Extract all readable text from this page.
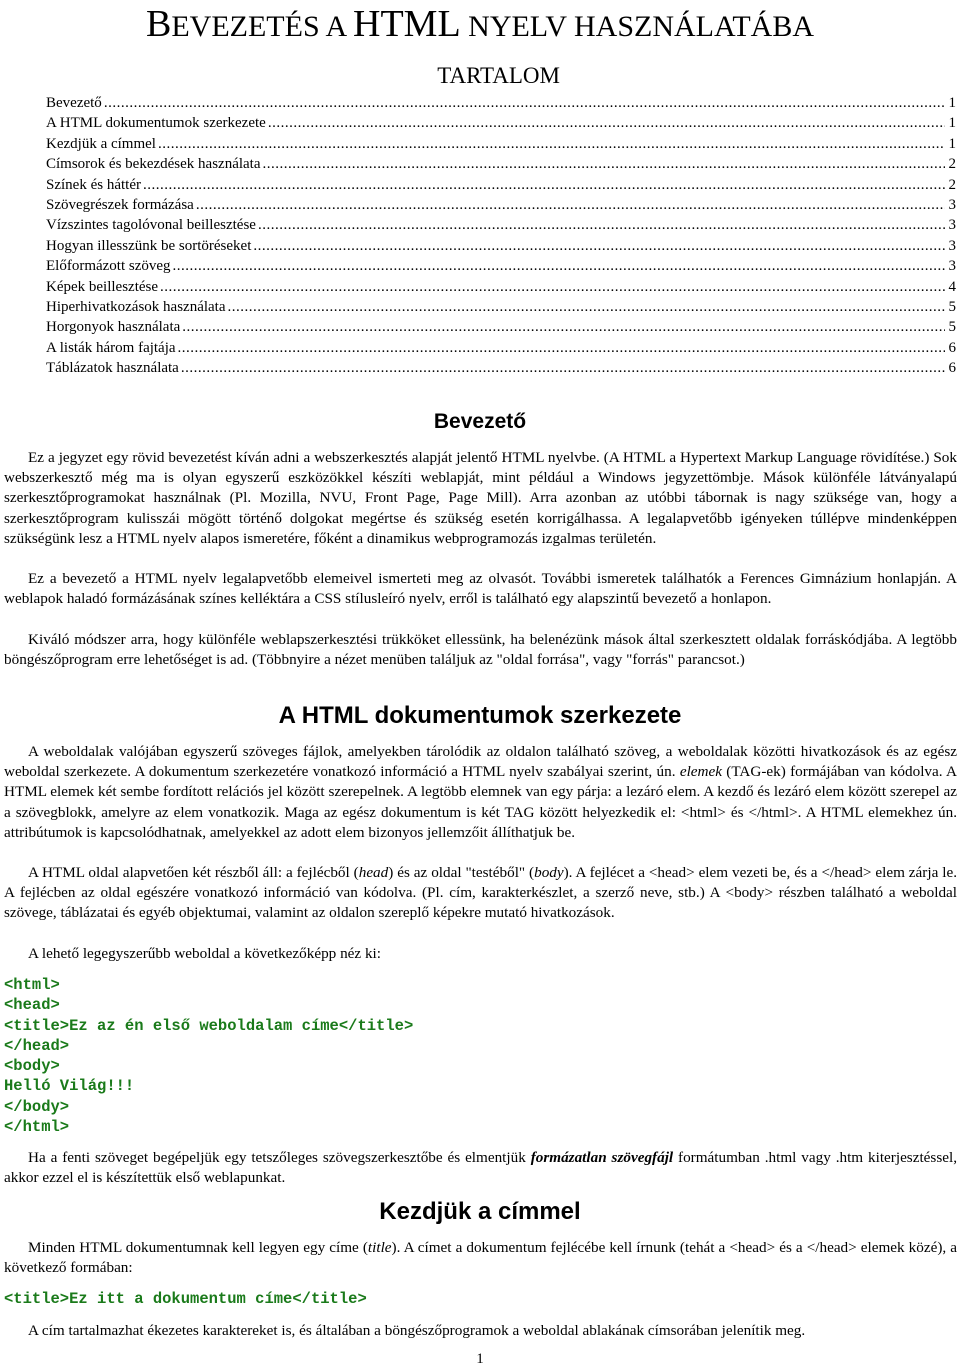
BEVEZETÉS A HTML NYELV HASZNÁLATÁBA
TARTALOM
Bevezető .....	1
A HTML dokumentumok szerkezete .....	1
Kezdjük a címmel .....	1
Címsorok és bekezdések használata .....	2
Színek és háttér .....	2
Szövegrészek formázása .....	3
Vízszintes tagolóvonal beillesztése .....	3
Hogyan illesszünk be sortöréseket .....	3
Előformázott szöveg .....	3
Képek beillesztése .....	4
Hiperhivatkozások használata .....	5
Horgonyok használata .....	5
A listák három fajtája .....	6
Táblázatok használata .....	6
Bevezető

Ez a jegyzet egy rövid bevezetést kíván adni a webszerkesztés alapját jelentő HTML nyelvbe. (A HTML a Hypertext Markup Language rövidítése.) Sok webszerkesztő még ma is olyan egyszerű eszközökkel készíti weblapját, mint például a Windows jegyzettömbje. Mások különféle látványalapú szerkesztőprogramokat használnak (Pl. Mozilla, NVU, Front Page, Page Mill). Arra azonban az utóbbi tábornak is nagy szüksége van, hogy a szerkesztőprogram kulisszái mögött történő dolgokat megértse és szükség esetén korrigálhassa. A legalapvetőbb igényeken túllépve mindenképpen szükségünk lesz a HTML nyelv alapos ismeretére, főként a dinamikus webprogramozás izgalmas területén.

Ez a bevezető a HTML nyelv legalapvetőbb elemeivel ismerteti meg az olvasót. További ismeretek találhatók a Ferences Gimnázium honlapján. A weblapok haladó formázásának színes kelléktára a CSS stílusleíró nyelv, erről is található egy alapszintű bevezető a honlapon.

Kiváló módszer arra, hogy különféle weblapszerkesztési trükköket ellessünk, ha belenézünk mások által szerkesztett oldalak forráskódjába. A legtöbb böngészőprogram erre lehetőséget is ad. (Többnyire a nézet menüben találjuk az "oldal forrása", vagy "forrás" parancsot.)

A HTML dokumentumok szerkezete

A weboldalak valójában egyszerű szöveges fájlok, amelyekben tárolódik az oldalon található szöveg, a weboldalak közötti hivatkozások és az egész weboldal szerkezete. A dokumentum szerkezetére vonatkozó információ a HTML nyelv szabályai szerint, ún. elemek (TAG-ek) formájában van kódolva. A HTML elemek két sembe fordított relációs jel között szerepelnek. A legtöbb elemnek van egy párja: a lezáró elem. A kezdő és lezáró elem között szerepel az a szövegblokk, amelyre az elem vonatkozik. Maga az egész dokumentum is két TAG között helyezkedik el: <html> és </html>. A HTML elemekhez ún. attribútumok is kapcsolódhatnak, amelyekkel az adott elem bizonyos jellemzőit állíthatjuk be.

A HTML oldal alapvetően két részből áll: a fejlécből (head) és az oldal "testéből" (body). A fejlécet a <head> elem vezeti be, és a </head> elem zárja le. A fejlécben az oldal egészére vonatkozó információ van kódolva. (Pl. cím, karakterkészlet, a szerző neve, stb.) A <body> részben található a weboldal szövege, táblázatai és egyéb objektumai, valamint az oldalon szereplő képekre mutató hivatkozások.

A lehető legegyszerűbb weboldal a következőképp néz ki:

<html>
<head>
<title>Ez az én első weboldalam címe</title>
</head>
<body>
Helló Világ!!!
</body>
</html>

Ha a fenti szöveget begépeljük egy tetszőleges szövegszerkesztőbe és elmentjük formázatlan szövegfájl formátumban .html vagy .htm kiterjesztéssel, akkor ezzel el is készítettük első weblapunkat.

Kezdjük a címmel

Minden HTML dokumentumnak kell legyen egy címe (title). A címet a dokumentum fejlécébe kell írnunk (tehát a <head> és a </head> elemek közé), a következő formában:

<title>Ez itt a dokumentum címe</title>

A cím tartalmazhat ékezetes karaktereket is, és általában a böngészőprogramok a weboldal ablakának címsorában jelenítik meg.

1
